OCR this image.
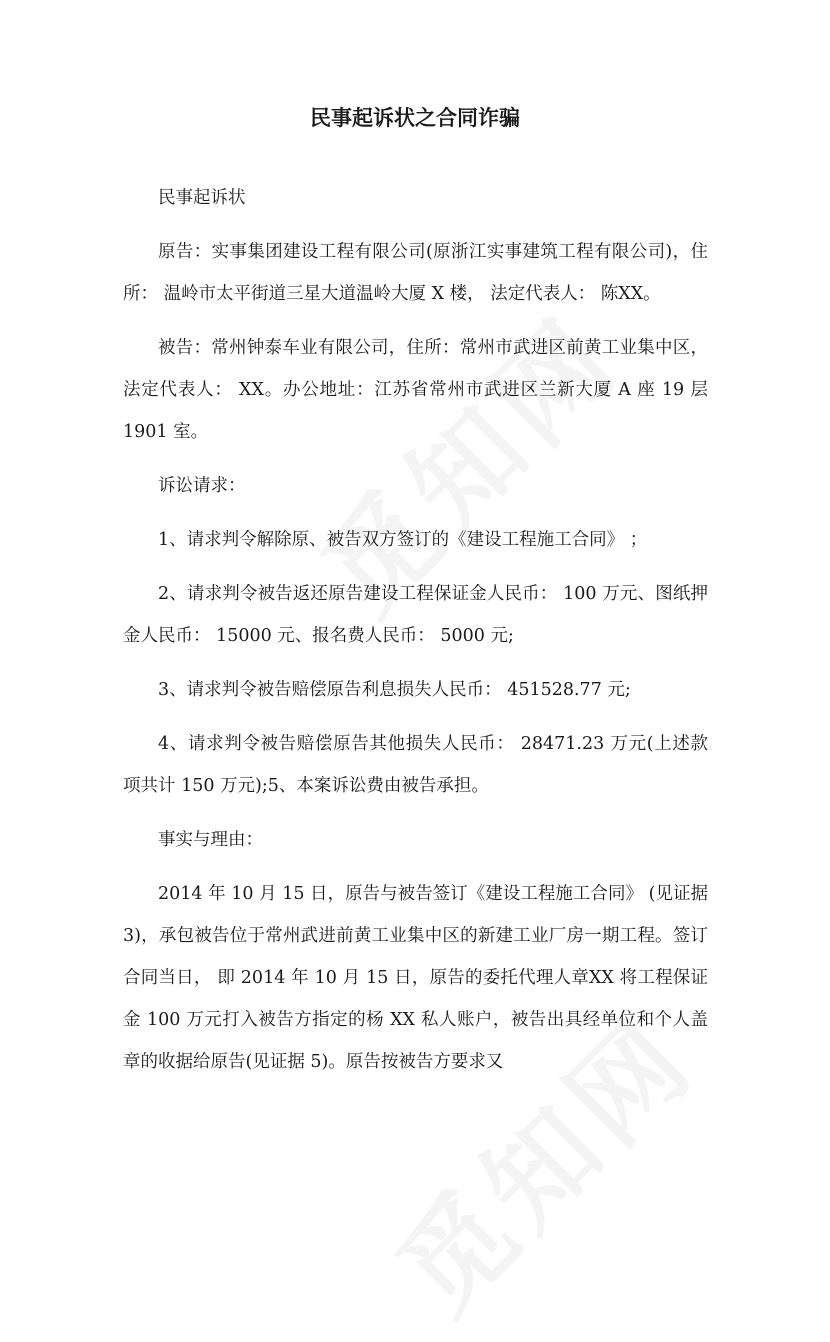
民事起诉状之合同诈骗

民事起诉状

原告：实事集团建设工程有限公司(原浙江实事建筑工程有限公司)，住所： 温岭市太平街道三星大道温岭大厦 X 楼， 法定代表人： 陈XX。

被告：常州钟泰车业有限公司，住所：常州市武进区前黄工业集中区，法定代表人： XX。办公地址：江苏省常州市武进区兰新大厦 A 座 19 层 1901 室。

诉讼请求：

1、请求判令解除原、被告双方签订的《建设工程施工合同》 ；

2、请求判令被告返还原告建设工程保证金人民币： 100 万元、图纸押金人民币： 15000 元、报名费人民币： 5000 元;

3、请求判令被告赔偿原告利息损失人民币： 451528.77 元;

4、请求判令被告赔偿原告其他损失人民币： 28471.23 万元(上述款项共计 150 万元);5、本案诉讼费由被告承担。

事实与理由：

2014 年 10 月 15 日，原告与被告签订《建设工程施工合同》 (见证据 3)，承包被告位于常州武进前黄工业集中区的新建工业厂房一期工程。签订合同当日， 即 2014 年 10 月 15 日，原告的委托代理人章XX 将工程保证金 100 万元打入被告方指定的杨 XX 私人账户，被告出具经单位和个人盖章的收据给原告(见证据 5)。原告按被告方要求又
